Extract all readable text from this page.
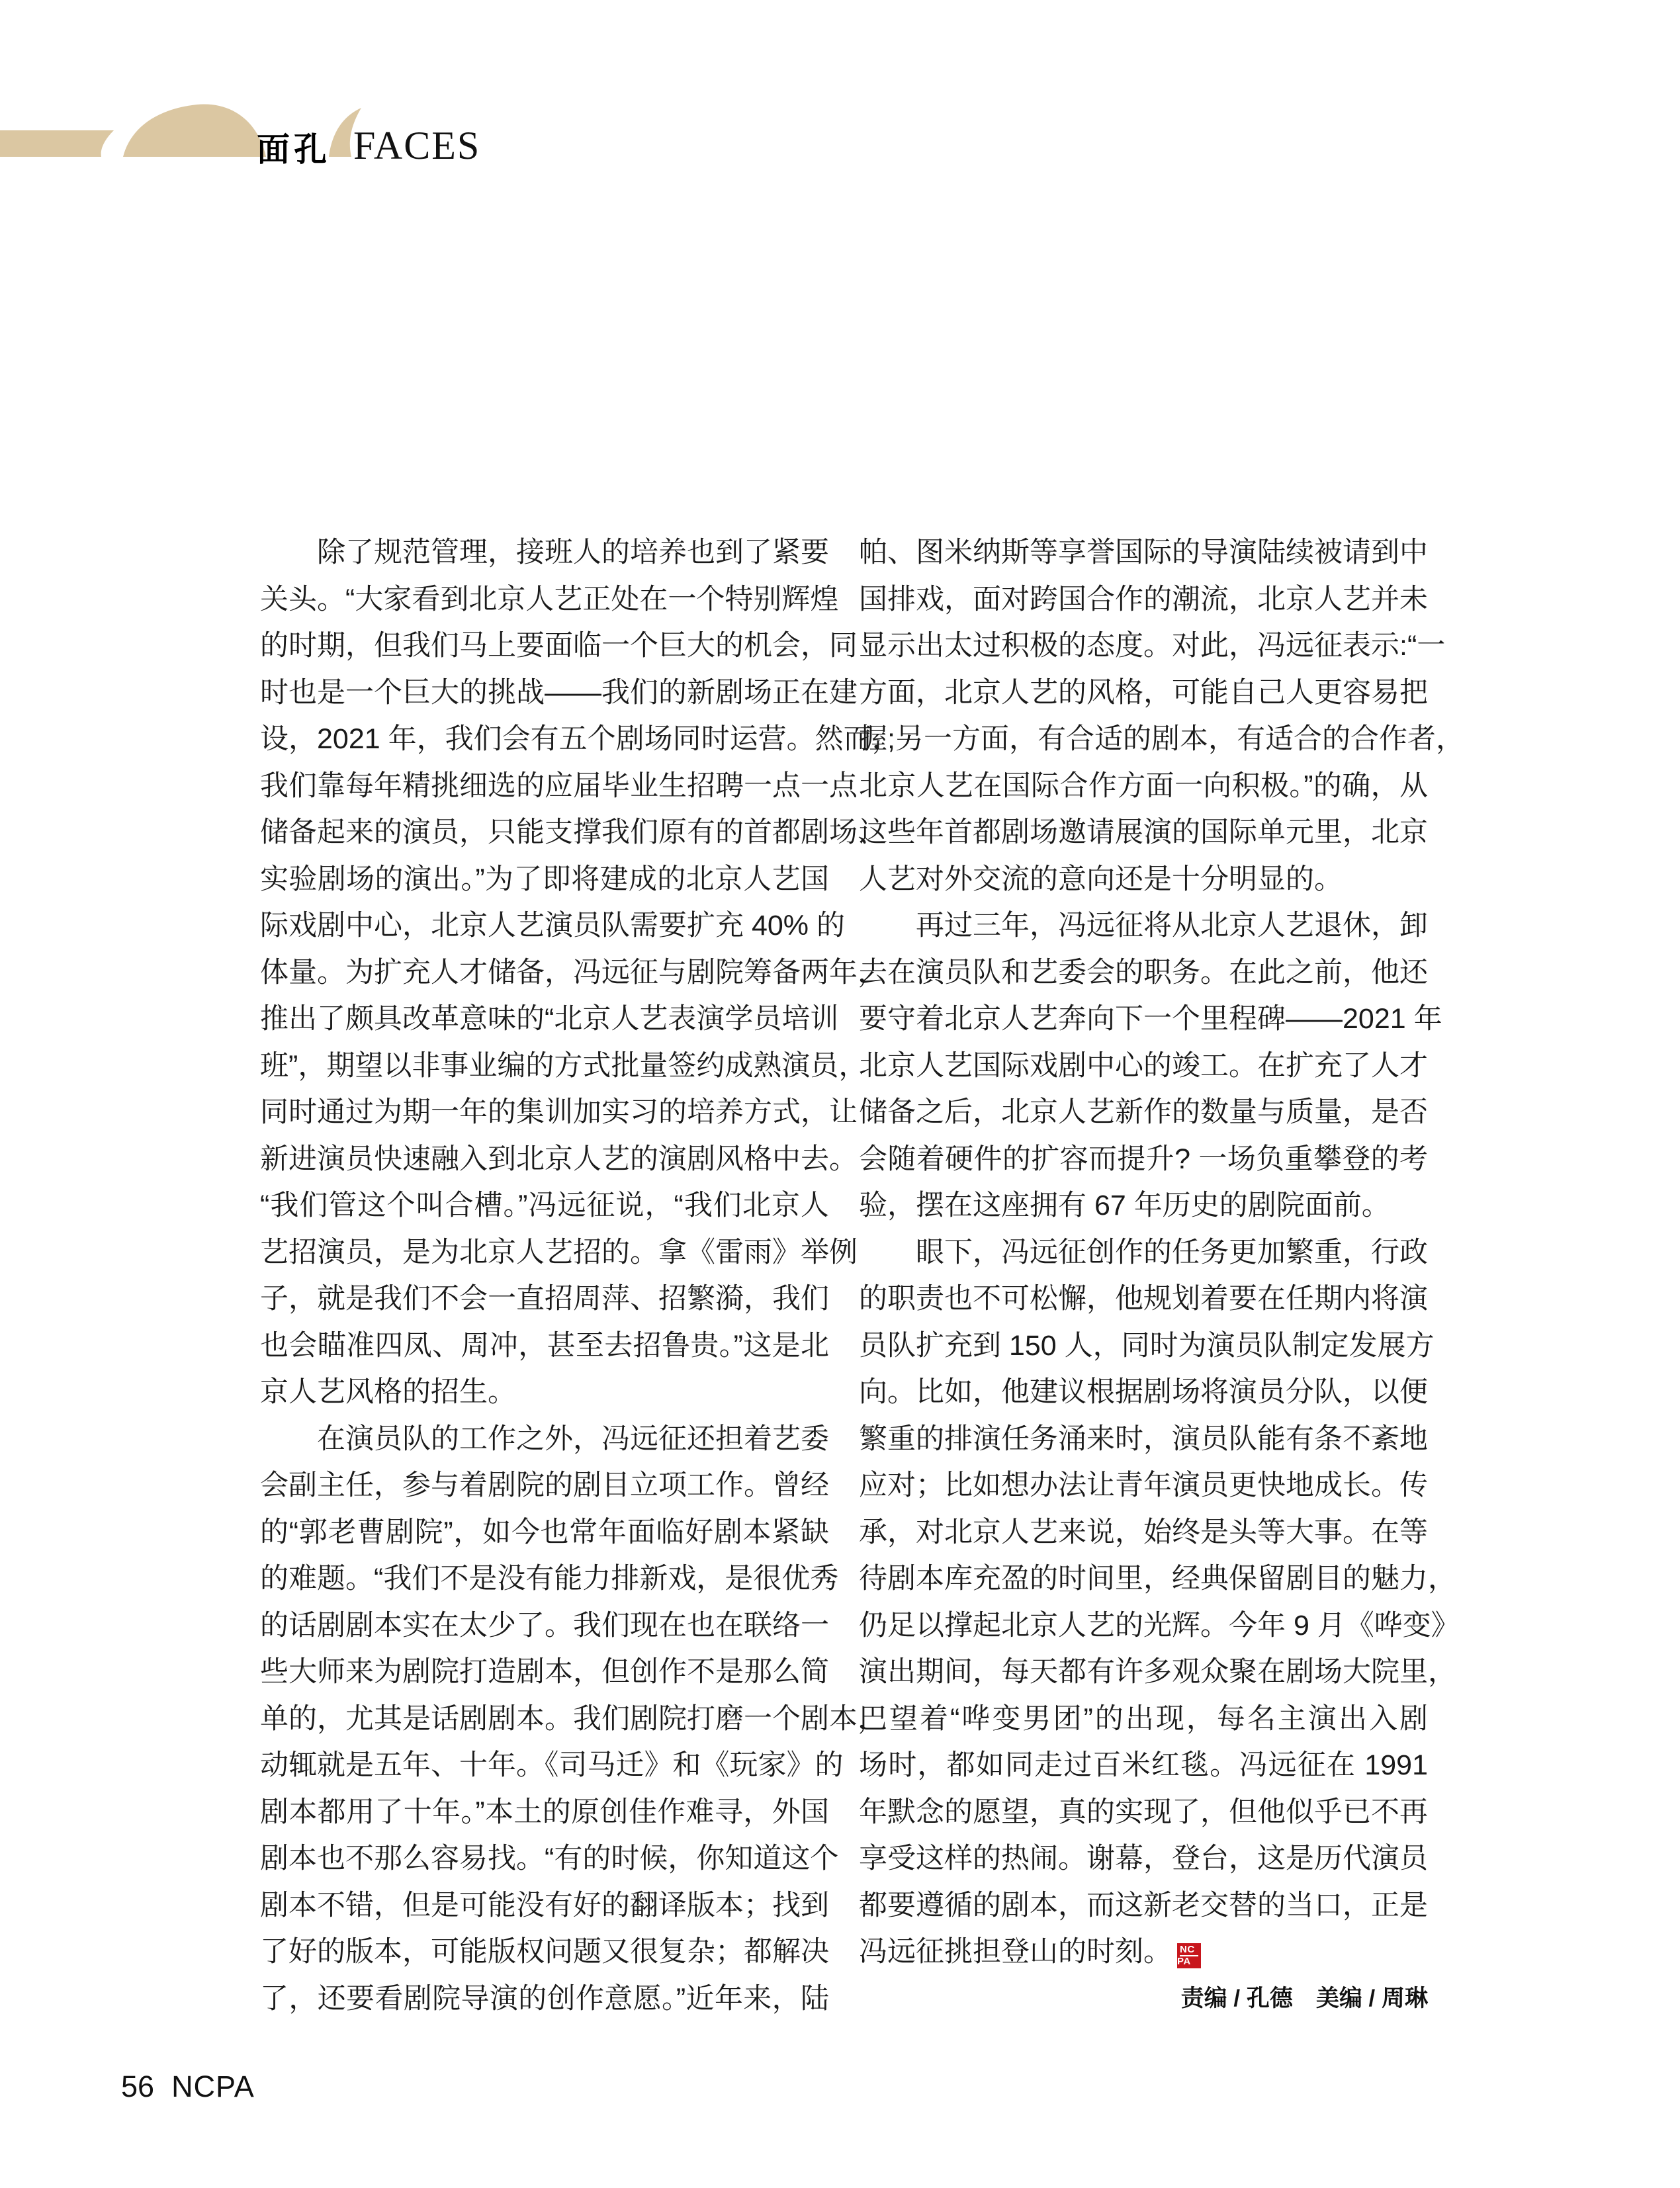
面孔 FACES
除了规范管理，接班人的培养也到了紧要
关头。“大家看到北京人艺正处在一个特别辉煌
的时期，但我们马上要面临一个巨大的机会，同
时也是一个巨大的挑战——我们的新剧场正在建
设，2021 年，我们会有五个剧场同时运营。然而，
我们靠每年精挑细选的应届毕业生招聘一点一点
储备起来的演员，只能支撑我们原有的首都剧场、
实验剧场的演出。”为了即将建成的北京人艺国
际戏剧中心，北京人艺演员队需要扩充 40% 的
体量。为扩充人才储备，冯远征与剧院筹备两年，
推出了颇具改革意味的“北京人艺表演学员培训
班”，期望以非事业编的方式批量签约成熟演员，
同时通过为期一年的集训加实习的培养方式，让
新进演员快速融入到北京人艺的演剧风格中去。
“我们管这个叫合槽。”冯远征说，“我们北京人
艺招演员，是为北京人艺招的。拿《雷雨》举例
子，就是我们不会一直招周萍、招繁漪，我们
也会瞄准四凤、周冲，甚至去招鲁贵。”这是北
京人艺风格的招生。
在演员队的工作之外，冯远征还担着艺委
会副主任，参与着剧院的剧目立项工作。曾经
的“郭老曹剧院”，如今也常年面临好剧本紧缺
的难题。“我们不是没有能力排新戏，是很优秀
的话剧剧本实在太少了。我们现在也在联络一
些大师来为剧院打造剧本，但创作不是那么简
单的，尤其是话剧剧本。我们剧院打磨一个剧本，
动辄就是五年、十年。《司马迁》和《玩家》的
剧本都用了十年。”本土的原创佳作难寻，外国
剧本也不那么容易找。“有的时候，你知道这个
剧本不错，但是可能没有好的翻译版本；找到
了好的版本，可能版权问题又很复杂；都解决
了，还要看剧院导演的创作意愿。”近年来，陆
帕、图米纳斯等享誉国际的导演陆续被请到中
国排戏，面对跨国合作的潮流，北京人艺并未
显示出太过积极的态度。对此，冯远征表示:“一
方面，北京人艺的风格，可能自己人更容易把
握;另一方面，有合适的剧本，有适合的合作者，
北京人艺在国际合作方面一向积极。”的确，从
这些年首都剧场邀请展演的国际单元里，北京
人艺对外交流的意向还是十分明显的。
再过三年，冯远征将从北京人艺退休，卸
去在演员队和艺委会的职务。在此之前，他还
要守着北京人艺奔向下一个里程碑——2021 年
北京人艺国际戏剧中心的竣工。在扩充了人才
储备之后，北京人艺新作的数量与质量，是否
会随着硬件的扩容而提升? 一场负重攀登的考
验，摆在这座拥有 67 年历史的剧院面前。
眼下，冯远征创作的任务更加繁重，行政
的职责也不可松懈，他规划着要在任期内将演
员队扩充到 150 人，同时为演员队制定发展方
向。比如，他建议根据剧场将演员分队，以便
繁重的排演任务涌来时，演员队能有条不紊地
应对；比如想办法让青年演员更快地成长。传
承，对北京人艺来说，始终是头等大事。在等
待剧本库充盈的时间里，经典保留剧目的魅力，
仍足以撑起北京人艺的光辉。今年 9 月《哗变》
演出期间，每天都有许多观众聚在剧场大院里，
巴望着“哗变男团”的出现，每名主演出入剧
场时，都如同走过百米红毯。冯远征在 1991
年默念的愿望，真的实现了，但他似乎已不再
享受这样的热闹。谢幕，登台，这是历代演员
都要遵循的剧本，而这新老交替的当口，正是
冯远征挑担登山的时刻。 $\frac{NC}{PA}$
责编 / 孔德　美编 / 周琳
56 NCPA
